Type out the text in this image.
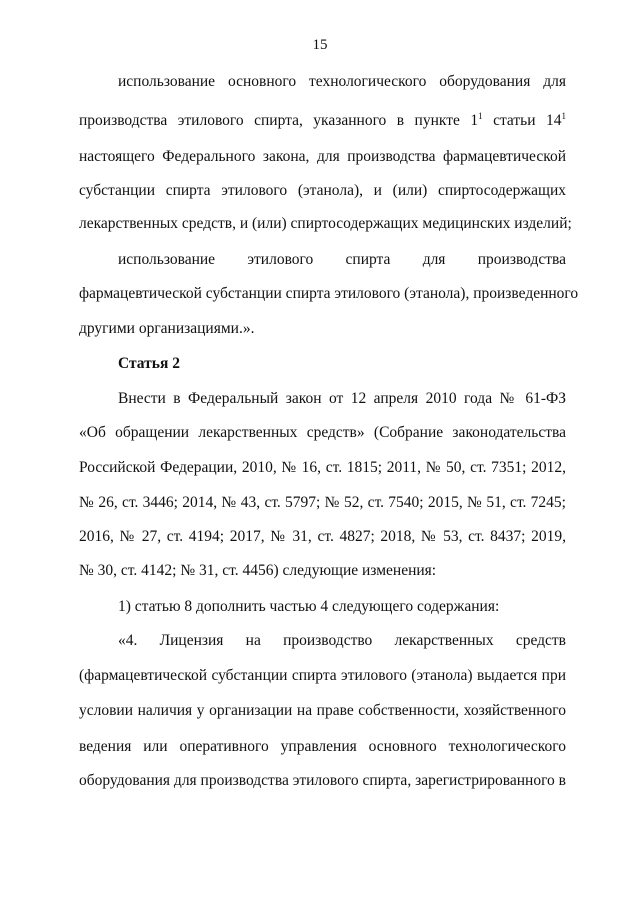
15
использование основного технологического оборудования для
производства этилового спирта, указанного в пункте $1^1$ статьи $14^1$
настоящего Федерального закона, для производства фармацевтической
субстанции спирта этилового (этанола), и (или) спиртосодержащих
лекарственных средств, и (или) спиртосодержащих медицинских изделий;
использование этилового спирта для производства
фармацевтической субстанции спирта этилового (этанола), произведенного
другими организациями.».
Статья 2
Внести в Федеральный закон от 12 апреля 2010 года № 61-ФЗ
«Об обращении лекарственных средств» (Собрание законодательства
Российской Федерации, 2010, № 16, ст. 1815; 2011, № 50, ст. 7351; 2012,
№ 26, ст. 3446; 2014, № 43, ст. 5797; № 52, ст. 7540; 2015, № 51, ст. 7245;
2016, № 27, ст. 4194; 2017, № 31, ст. 4827; 2018, № 53, ст. 8437; 2019,
№ 30, ст. 4142; № 31, ст. 4456) следующие изменения:
1) статью 8 дополнить частью 4 следующего содержания:
«4. Лицензия на производство лекарственных средств
(фармацевтической субстанции спирта этилового (этанола) выдается при
условии наличия у организации на праве собственности, хозяйственного
ведения или оперативного управления основного технологического
оборудования для производства этилового спирта, зарегистрированного в
